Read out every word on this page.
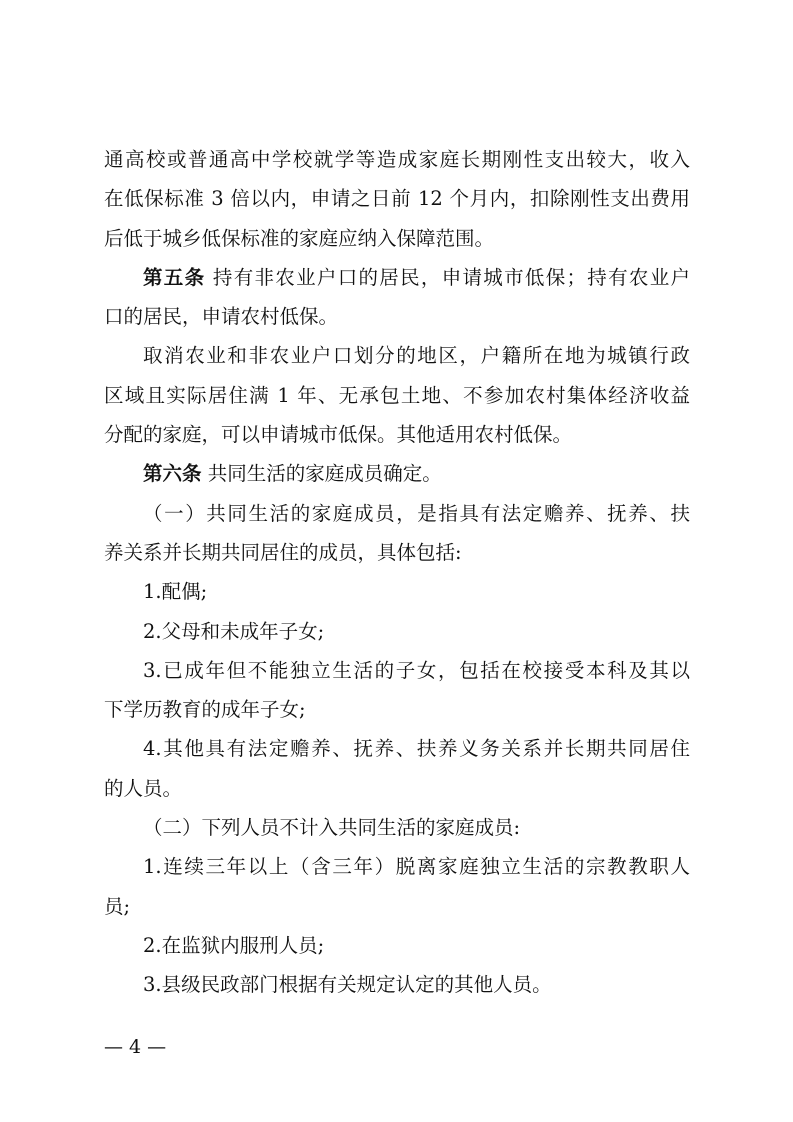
通高校或普通高中学校就学等造成家庭长期刚性支出较大，收入
在低保标准 3 倍以内，申请之日前 12 个月内，扣除刚性支出费用
后低于城乡低保标准的家庭应纳入保障范围。
第五条 持有非农业户口的居民，申请城市低保；持有农业户
口的居民，申请农村低保。
取消农业和非农业户口划分的地区，户籍所在地为城镇行政
区域且实际居住满 1 年、无承包土地、不参加农村集体经济收益
分配的家庭，可以申请城市低保。其他适用农村低保。
第六条 共同生活的家庭成员确定。
（一）共同生活的家庭成员，是指具有法定赡养、抚养、扶
养关系并长期共同居住的成员，具体包括:
1.配偶;
2.父母和未成年子女;
3.已成年但不能独立生活的子女，包括在校接受本科及其以
下学历教育的成年子女;
4.其他具有法定赡养、抚养、扶养义务关系并长期共同居住
的人员。
（二）下列人员不计入共同生活的家庭成员:
1.连续三年以上（含三年）脱离家庭独立生活的宗教教职人
员;
2.在监狱内服刑人员;
3.县级民政部门根据有关规定认定的其他人员。
— 4 —
